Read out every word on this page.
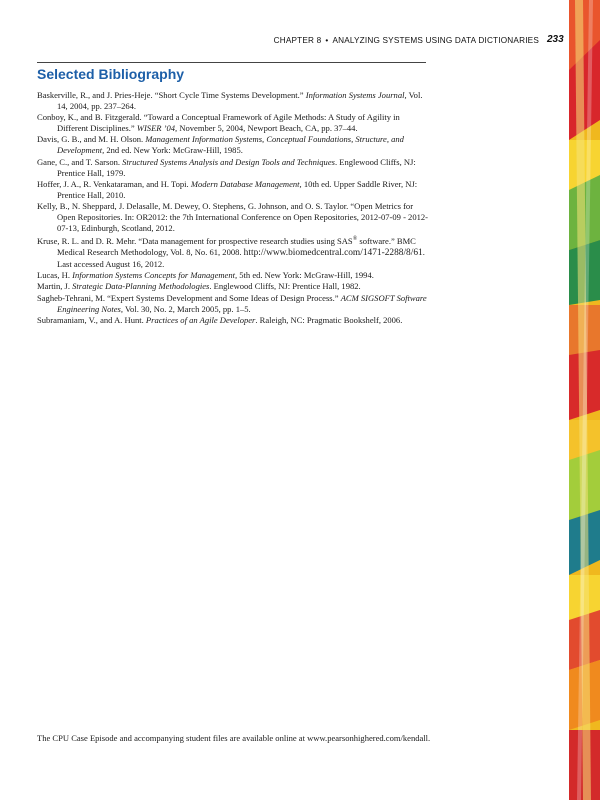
CHAPTER 8 • ANALYZING SYSTEMS USING DATA DICTIONARIES 233
Selected Bibliography
Baskerville, R., and J. Pries-Heje. “Short Cycle Time Systems Development.” Information Systems Journal, Vol. 14, 2004, pp. 237–264.
Conboy, K., and B. Fitzgerald. “Toward a Conceptual Framework of Agile Methods: A Study of Agility in Different Disciplines.” WISER ’04, November 5, 2004, Newport Beach, CA, pp. 37–44.
Davis, G. B., and M. H. Olson. Management Information Systems, Conceptual Foundations, Structure, and Development, 2nd ed. New York: McGraw-Hill, 1985.
Gane, C., and T. Sarson. Structured Systems Analysis and Design Tools and Techniques. Englewood Cliffs, NJ: Prentice Hall, 1979.
Hoffer, J. A., R. Venkataraman, and H. Topi. Modern Database Management, 10th ed. Upper Saddle River, NJ: Prentice Hall, 2010.
Kelly, B., N. Sheppard, J. Delasalle, M. Dewey, O. Stephens, G. Johnson, and O. S. Taylor. “Open Metrics for Open Repositories. In: OR2012: the 7th International Conference on Open Repositories, 2012-07-09 - 2012-07-13, Edinburgh, Scotland, 2012.
Kruse, R. L. and D. R. Mehr. “Data management for prospective research studies using SAS® software.” BMC Medical Research Methodology, Vol. 8, No. 61, 2008. http://www.biomedcentral.com/1471-2288/8/61. Last accessed August 16, 2012.
Lucas, H. Information Systems Concepts for Management, 5th ed. New York: McGraw-Hill, 1994.
Martin, J. Strategic Data-Planning Methodologies. Englewood Cliffs, NJ: Prentice Hall, 1982.
Sagheb-Tehrani, M. “Expert Systems Development and Some Ideas of Design Process.” ACM SIGSOFT Software Engineering Notes, Vol. 30, No. 2, March 2005, pp. 1–5.
Subramaniam, V., and A. Hunt. Practices of an Agile Developer. Raleigh, NC: Pragmatic Bookshelf, 2006.
The CPU Case Episode and accompanying student files are available online at www.pearsonhighered.com/kendall.
